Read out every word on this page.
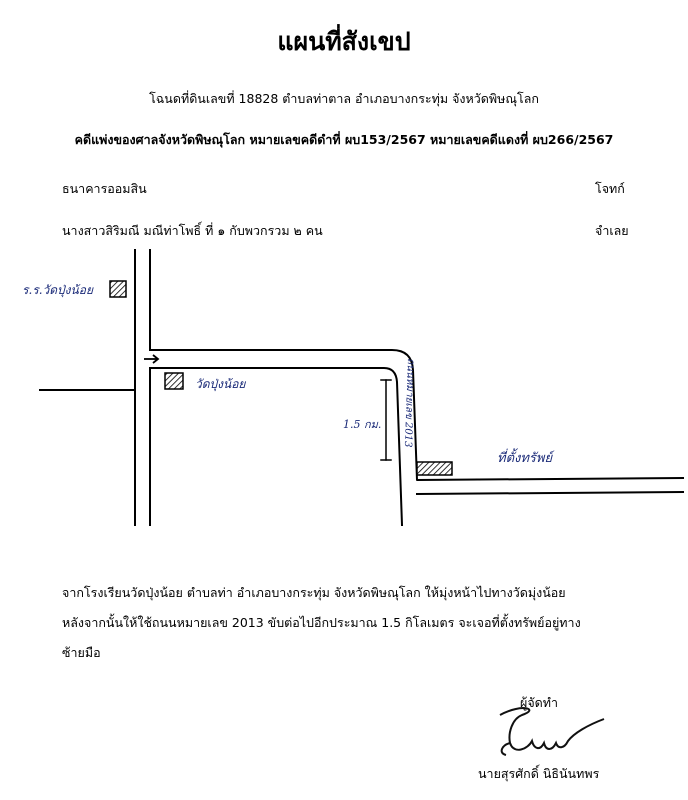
แผนที่สังเขป
โฉนดที่ดินเลขที่ 18828 ตำบลท่าตาล อำเภอบางกระทุ่ม จังหวัดพิษณุโลก
คดีแพ่งของศาลจังหวัดพิษณุโลก หมายเลขคดีดำที่ ผบ153/2567 หมายเลขคดีแดงที่ ผบ266/2567
ธนาคารออมสิน	โจทก์
นางสาวสิริมณี มณีท่าโพธิ์ ที่ ๑ กับพวกรวม ๒ คน	จำเลย
ร.ร.วัดปุ่งน้อย
วัดปุ่งน้อย	ถนนหมายเลข 2013
1.5 กม.
ที่ตั้งทรัพย์
จากโรงเรียนวัดปุ่งน้อย ตำบลท่า อำเภอบางกระทุ่ม จังหวัดพิษณุโลก ให้มุ่งหน้าไปทางวัดมุ่งน้อย
หลังจากนั้นให้ใช้ถนนหมายเลข 2013 ขับต่อไปอีกประมาณ 1.5 กิโลเมตร จะเจอที่ตั้งทรัพย์อยู่ทาง
ซ้ายมือ
ผู้จัดทำ
นายสุรศักดิ์ นิธินันทพร
